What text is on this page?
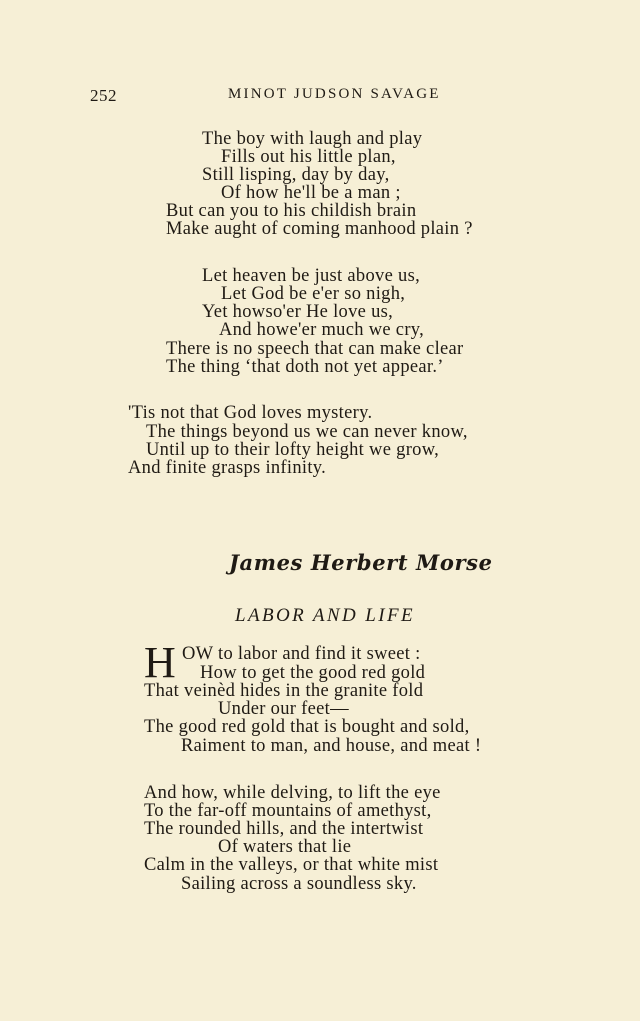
252	MINOT JUDSON SAVAGE
The boy with laugh and play
Fills out his little plan,
Still lisping, day by day,
Of how he'll be a man ;
But can you to his childish brain
Make aught of coming manhood plain ?
Let heaven be just above us,
Let God be e'er so nigh,
Yet howso'er He love us,
And howe'er much we cry,
There is no speech that can make clear
The thing ‘that doth not yet appear.’
'Tis not that God loves mystery.
The things beyond us we can never know,
Until up to their lofty height we grow,
And finite grasps infinity.
James Herbert Morse
LABOR AND LIFE
H OW to labor and find it sweet :
How to get the good red gold
That veinèd hides in the granite fold
Under our feet—
The good red gold that is bought and sold,
Raiment to man, and house, and meat !
And how, while delving, to lift the eye
To the far-off mountains of amethyst,
The rounded hills, and the intertwist
Of waters that lie
Calm in the valleys, or that white mist
Sailing across a soundless sky.
